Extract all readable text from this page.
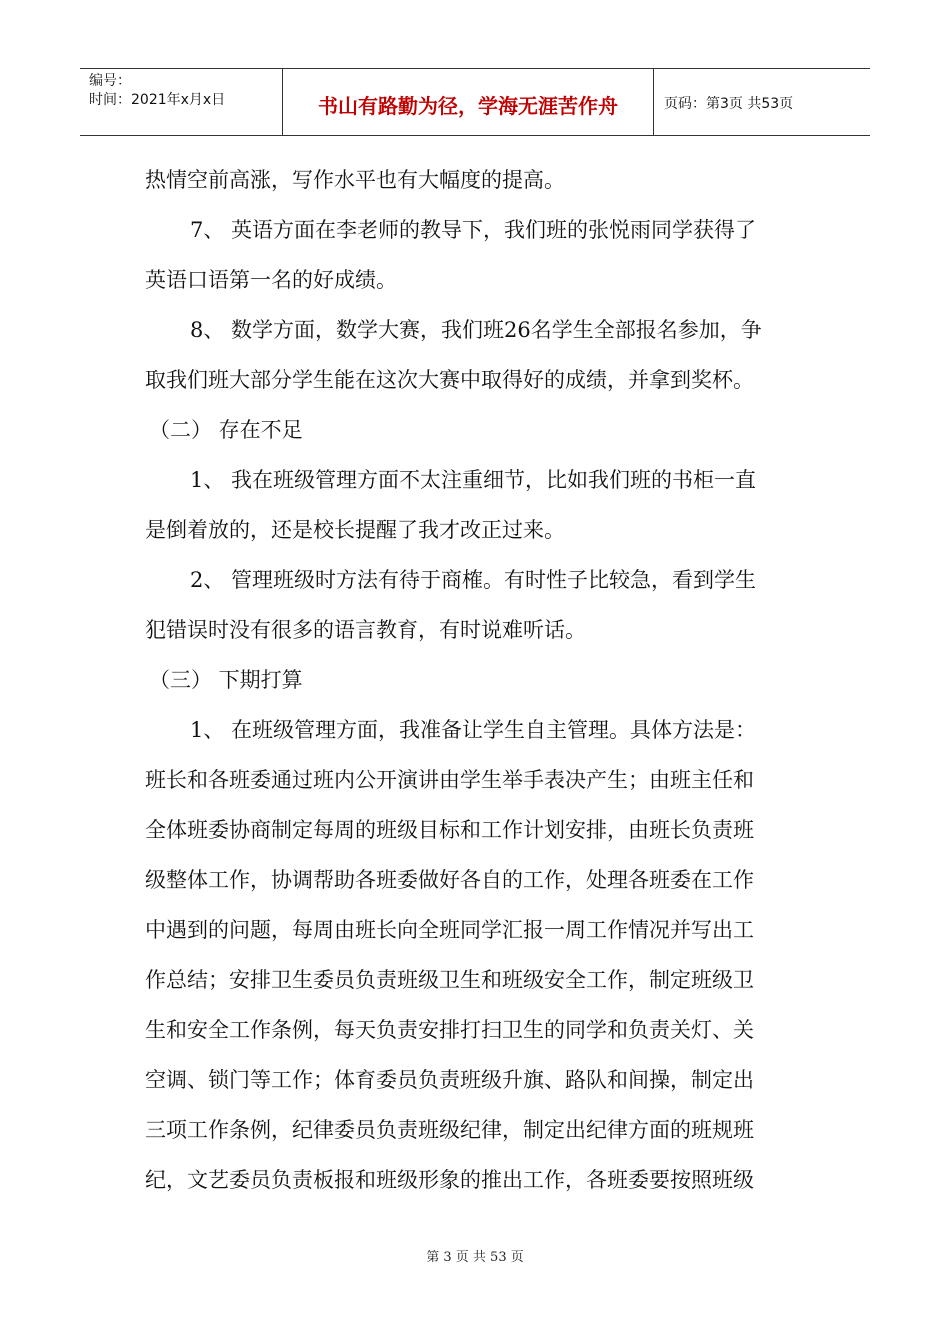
编号：
时间：2021年x月x日	书山有路勤为径，学海无涯苦作舟	页码：第3页 共53页
热情空前高涨，写作水平也有大幅度的提高。
7、 英语方面在李老师的教导下，我们班的张悦雨同学获得了
英语口语第一名的好成绩。
8、 数学方面，数学大赛，我们班26名学生全部报名参加，争
取我们班大部分学生能在这次大赛中取得好的成绩，并拿到奖杯。
（二） 存在不足
1、 我在班级管理方面不太注重细节，比如我们班的书柜一直
是倒着放的，还是校长提醒了我才改正过来。
2、 管理班级时方法有待于商榷。有时性子比较急，看到学生
犯错误时没有很多的语言教育，有时说难听话。
（三） 下期打算
1、 在班级管理方面，我准备让学生自主管理。具体方法是：
班长和各班委通过班内公开演讲由学生举手表决产生；由班主任和
全体班委协商制定每周的班级目标和工作计划安排，由班长负责班
级整体工作，协调帮助各班委做好各自的工作，处理各班委在工作
中遇到的问题，每周由班长向全班同学汇报一周工作情况并写出工
作总结；安排卫生委员负责班级卫生和班级安全工作，制定班级卫
生和安全工作条例，每天负责安排打扫卫生的同学和负责关灯、关
空调、锁门等工作；体育委员负责班级升旗、路队和间操，制定出
三项工作条例，纪律委员负责班级纪律，制定出纪律方面的班规班
纪，文艺委员负责板报和班级形象的推出工作，各班委要按照班级
第 3 页 共 53 页
